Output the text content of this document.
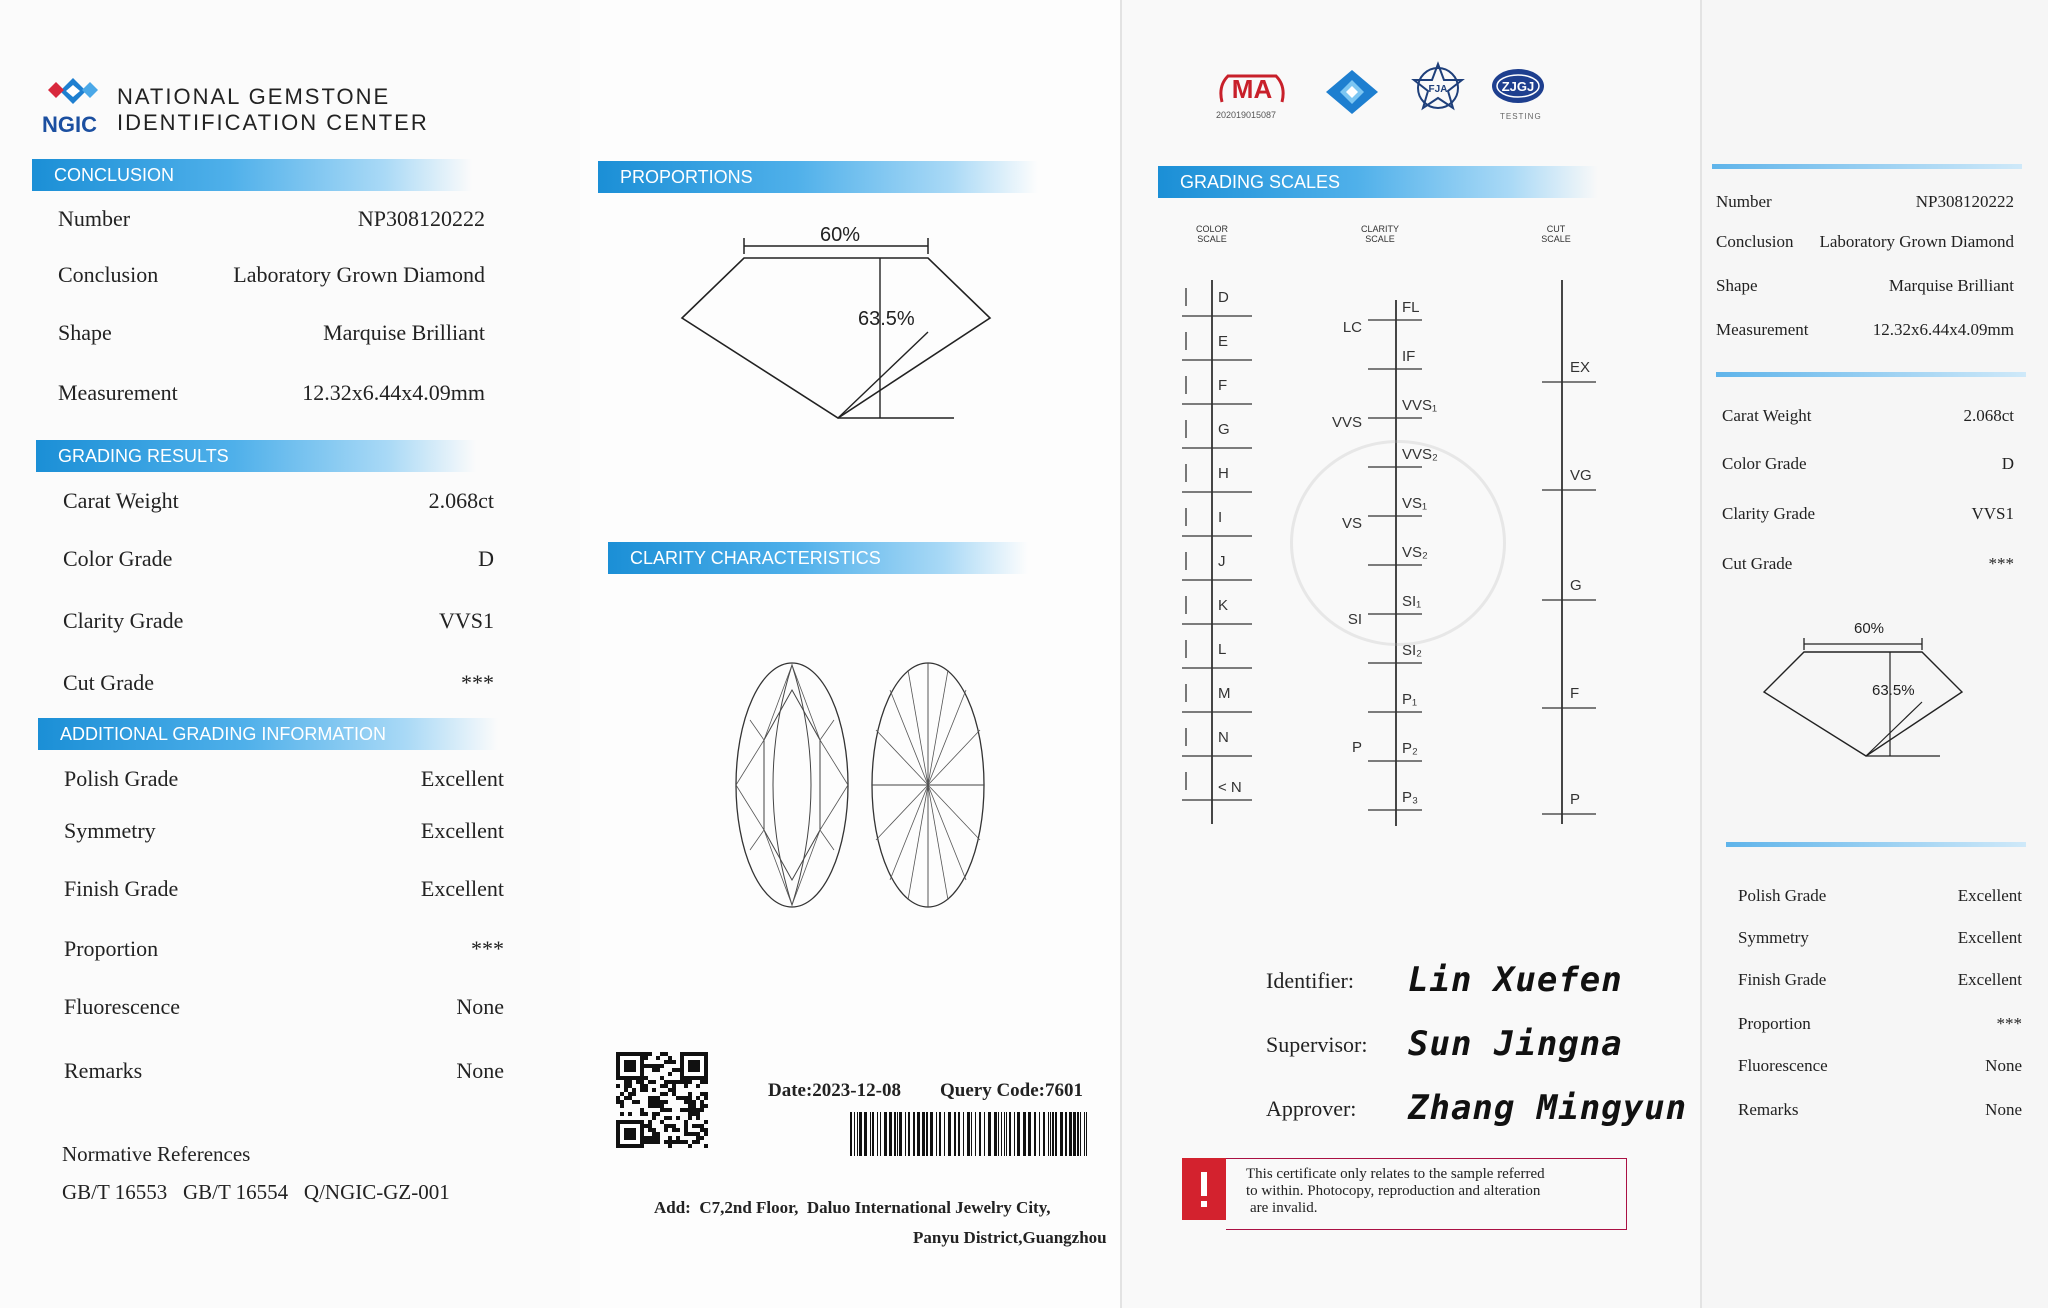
NGIC
NATIONAL GEMSTONE
IDENTIFICATION CENTER
CONCLUSION
Number	NP308120222
Conclusion	Laboratory Grown Diamond
Shape	Marquise Brilliant
Measurement	12.32x6.44x4.09mm
GRADING RESULTS
Carat Weight	2.068ct
Color Grade	D
Clarity Grade	VVS1
Cut Grade	***
ADDITIONAL GRADING INFORMATION
Polish Grade	Excellent
Symmetry	Excellent
Finish Grade	Excellent
Proportion	***
Fluorescence	None
Remarks	None
Normative References
GB/T 16553   GB/T 16554   Q/NGIC-GZ-001
PROPORTIONS
60%
63.5%
CLARITY CHARACTERISTICS
Date:2023-12-08 Query Code:7601
Add:  C7,2nd Floor,  Daluo International Jewelry City,
Panyu District,Guangzhou
MA
202019015087
FJA	ZJGJ
TESTING
GRADING SCALES
COLOR
SCALE
CLARITY
SCALE
CUT
SCALE
D
E
F
G
H
I
J
K
L
M
N
< N
FL
IF
VVS₁
VVS₂
VS₁
VS₂
SI₁
SI₂
P₁
P₂
P₃
LC
VVS
VS
SI
P
EX
VG
G
F
P
Identifier: Lin Xuefen
Supervisor: Sun Jingna
Approver: Zhang Mingyun
This certificate only relates to the sample referred
to within. Photocopy, reproduction and alteration
are invalid.
Number	NP308120222
Conclusion Laboratory Grown Diamond
Shape	Marquise Brilliant
Measurement	12.32x6.44x4.09mm
Carat Weight	2.068ct
Color Grade	D
Clarity Grade	VVS1
Cut Grade	***
60%
63.5%
Polish Grade	Excellent
Symmetry	Excellent
Finish Grade	Excellent
Proportion	***
Fluorescence	None
Remarks	None
